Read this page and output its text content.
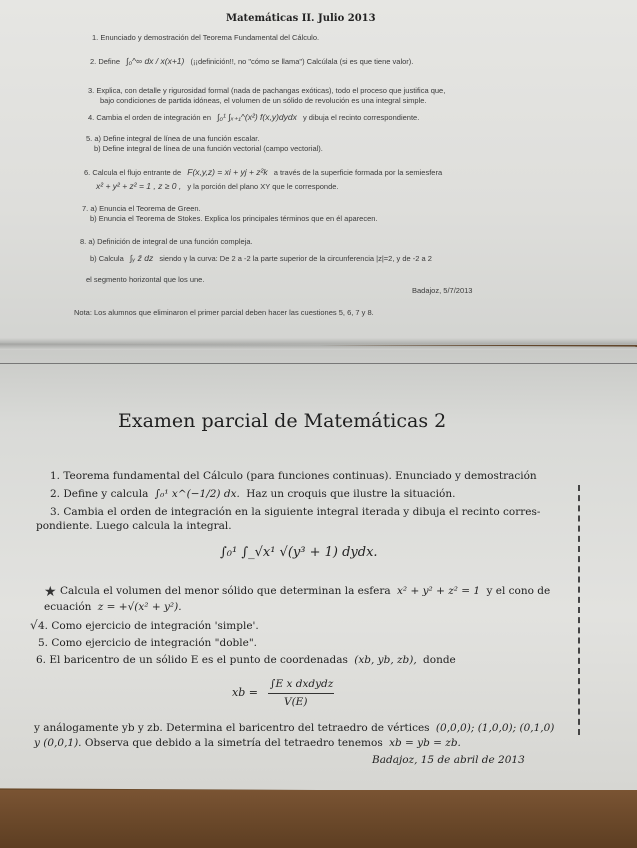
Matemáticas II. Julio 2013
1. Enunciado y demostración del Teorema Fundamental del Cálculo.
2. Define ∫₀^∞ dx / x(x+1) (¡¡definición!!, no "cómo se llama") Calcúlala (si es que tiene valor).
3. Explica, con detalle y rigurosidad formal (nada de pachangas exóticas), todo el proceso que justifica que,
bajo condiciones de partida idóneas, el volumen de un sólido de revolución es una integral simple.
4. Cambia el orden de integración en ∫₀¹ ∫ₓ₊₁^(x²) f(x,y)dydx y dibuja el recinto correspondiente.
5. a) Define integral de línea de una función escalar.
b) Define integral de línea de una función vectorial (campo vectorial).
6. Calcula el flujo entrante de F(x,y,z) = xi + yj + z²k a través de la superficie formada por la semiesfera
x² + y² + z² = 1 , z ≥ 0 , y la porción del plano XY que le corresponde.
7. a) Enuncia el Teorema de Green.
b) Enuncia el Teorema de Stokes. Explica los principales términos que en él aparecen.
8. a) Definición de integral de una función compleja.
b) Calcula ∫ᵧ z̄ dz siendo γ la curva: De 2 a -2 la parte superior de la circunferencia |z|=2, y de -2 a 2
el segmento horizontal que los une.
Badajoz, 5/7/2013
Nota: Los alumnos que eliminaron el primer parcial deben hacer las cuestiones 5, 6, 7 y 8.
Examen parcial de Matemáticas 2
1. Teorema fundamental del Cálculo (para funciones continuas). Enunciado y demostración
2. Define y calcula ∫₀¹ x^(−1/2) dx. Haz un croquis que ilustre la situación.
3. Cambia el orden de integración en la siguiente integral iterada y dibuja el recinto corres-
pondiente. Luego calcula la integral.
∫₀¹ ∫_√x¹ √(y³ + 1) dydx.
★ Calcula el volumen del menor sólido que determinan la esfera x² + y² + z² = 1 y el cono de
ecuación z = +√(x² + y²).
√ 4. Como ejercicio de integración 'simple'.
5. Como ejercicio de integración "doble".
6. El baricentro de un sólido E es el punto de coordenadas (xb, yb, zb), donde
xb =
∫E x dxdydz
V(E)
y análogamente yb y zb. Determina el baricentro del tetraedro de vértices (0,0,0); (1,0,0); (0,1,0)
y (0,0,1). Observa que debido a la simetría del tetraedro tenemos xb = yb = zb.
Badajoz, 15 de abril de 2013
